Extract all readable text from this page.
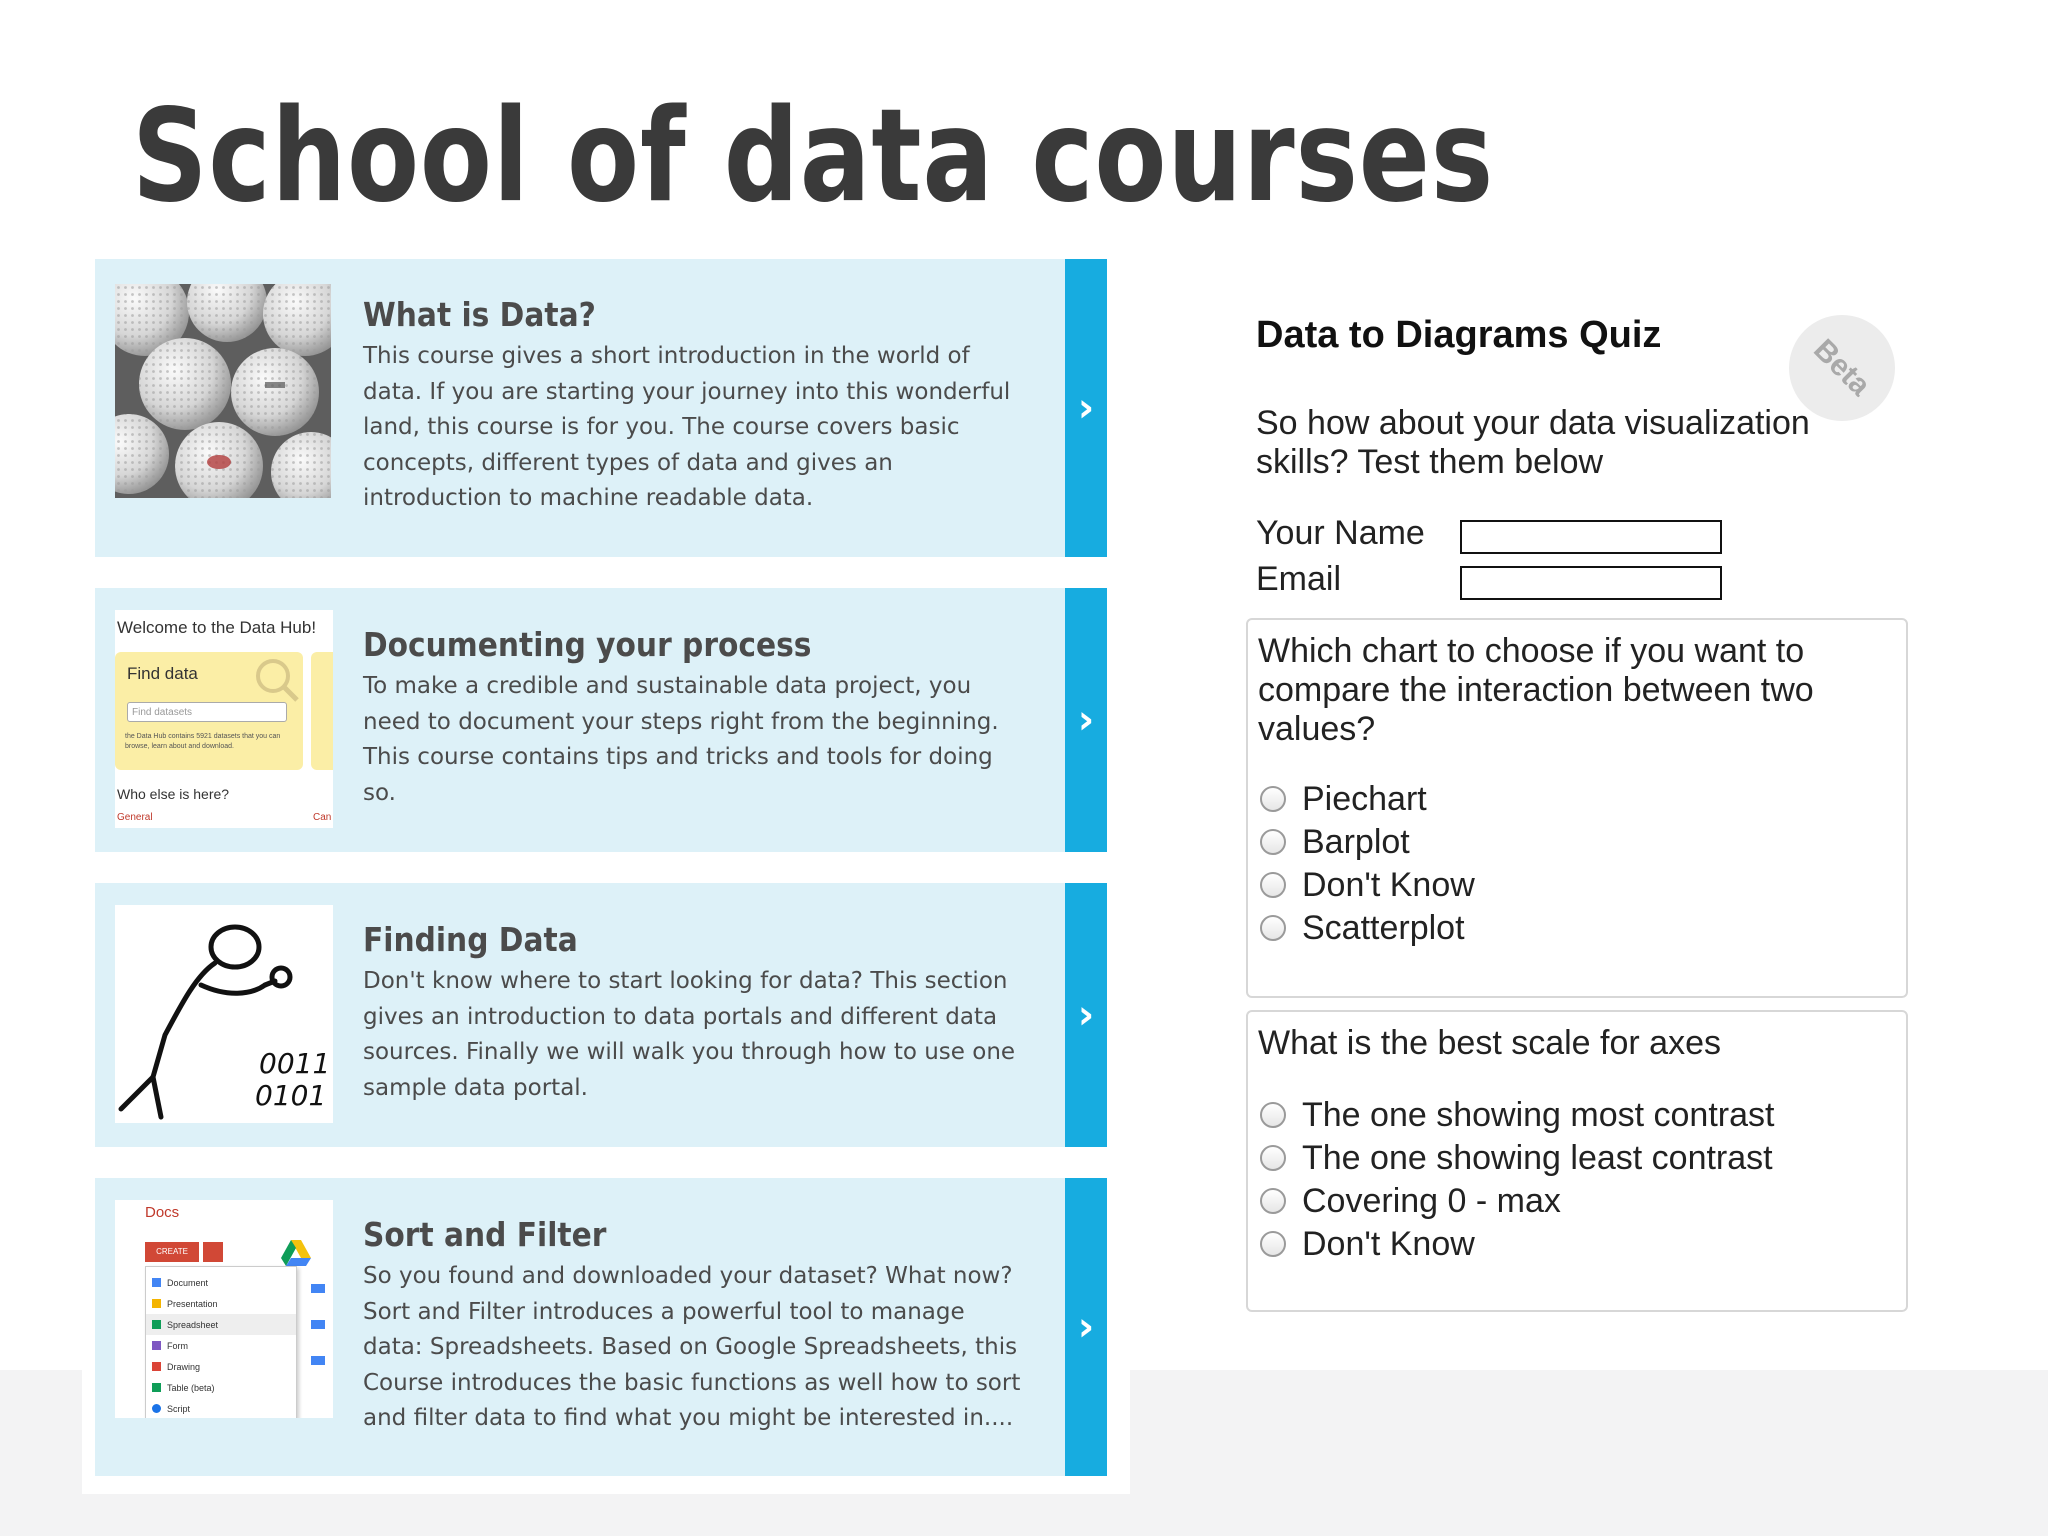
School of data courses
What is Data?

This course gives a short introduction in the world of data. If you are starting your journey into this wonderful land, this course is for you. The course covers basic concepts, different types of data and gives an introduction to machine readable data.

›
Welcome to the Data Hub!
Find data
Find datasets
the Data Hub contains 5921 datasets that you can browse, learn about and download.
Who else is here?
General	Can
Documenting your process

To make a credible and sustainable data project, you need to document your steps right from the beginning. This course contains tips and tricks and tools for doing so.

›
0011
0101
Finding Data

Don't know where to start looking for data? This section gives an introduction to data portals and different data sources. Finally we will walk you through how to use one sample data portal.

›
Docs
CREATE
Document
Presentation
Spreadsheet
Form
Drawing
Table (beta)
Script
Sort and Filter

So you found and downloaded your dataset? What now? Sort and Filter introduces a powerful tool to manage data: Spreadsheets. Based on Google Spreadsheets, this Course introduces the basic functions as well how to sort and filter data to find what you might be interested in....

›
Data to Diagrams Quiz	Beta

So how about your data visualization skills? Test them below

Your Name
Email

Which chart to choose if you want to compare the interaction between two values?

Piechart
Barplot
Don't Know
Scatterplot

What is the best scale for axes

The one showing most contrast
The one showing least contrast
Covering 0 - max
Don't Know
